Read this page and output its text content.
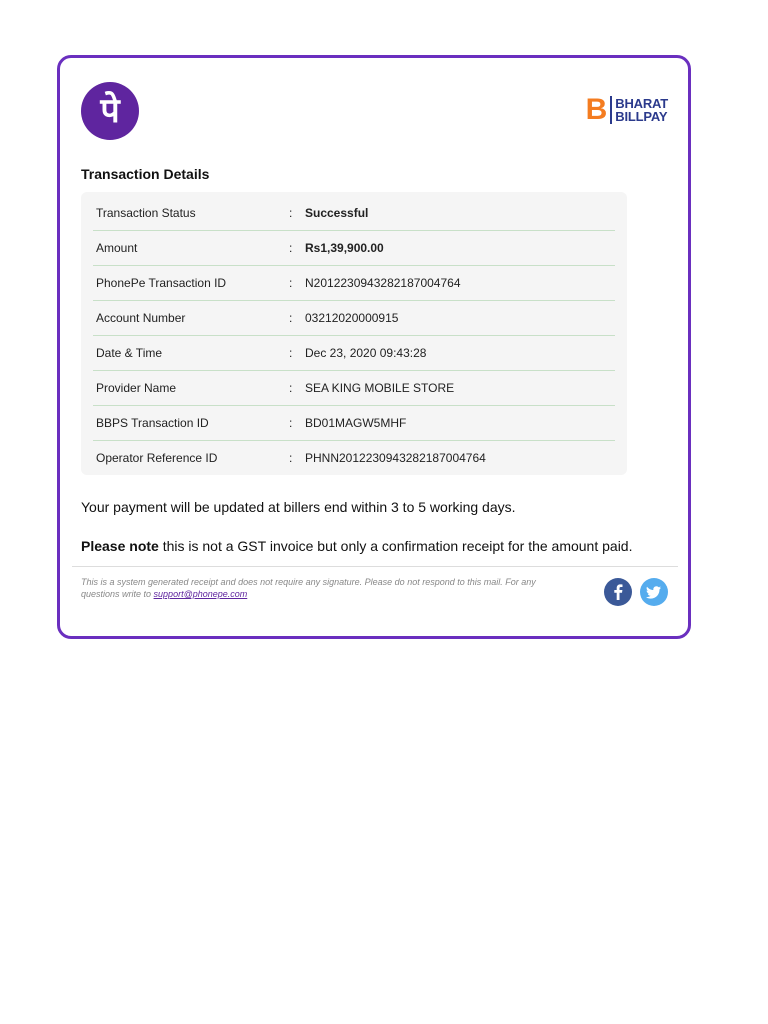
पे	B BHARAT
BILLPAY
Transaction Details
Transaction Status	:	Successful
Amount	:	Rs1,39,900.00
PhonePe Transaction ID	:	N2012230943282187004764
Account Number	:	03212020000915
Date & Time	:	Dec 23, 2020 09:43:28
Provider Name	:	SEA KING MOBILE STORE
BBPS Transaction ID	:	BD01MAGW5MHF
Operator Reference ID	:	PHNN2012230943282187004764
Your payment will be updated at billers end within 3 to 5 working days.
Please note this is not a GST invoice but only a confirmation receipt for the amount paid.
This is a system generated receipt and does not require any signature. Please do not respond to this mail. For any questions write to support@phonepe.com
